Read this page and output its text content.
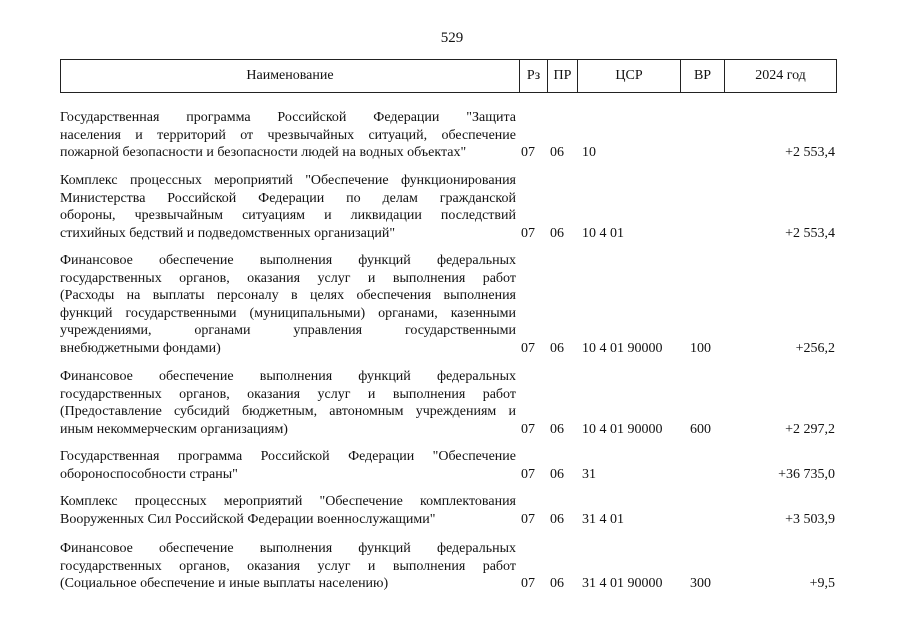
529
Наименование	Рз ПР	ЦСР	ВР	2024 год
Государственная программа Российской Федерации "Защита
населения и территорий от чрезвычайных ситуаций, обеспечение
пожарной безопасности и безопасности людей на водных объектах"	07 06 10	+2 553,4
Комплекс процессных мероприятий "Обеспечение функционирования
Министерства Российской Федерации по делам гражданской
обороны, чрезвычайным ситуациям и ликвидации последствий
стихийных бедствий и подведомственных организаций"	07 06 10 4 01	+2 553,4
Финансовое обеспечение выполнения функций федеральных
государственных органов, оказания услуг и выполнения работ
(Расходы на выплаты персоналу в целях обеспечения выполнения
функций государственными (муниципальными) органами, казенными
учреждениями, органами управления государственными
внебюджетными фондами)	07 06 10 4 01 90000 100	+256,2
Финансовое обеспечение выполнения функций федеральных
государственных органов, оказания услуг и выполнения работ
(Предоставление субсидий бюджетным, автономным учреждениям и
иным некоммерческим организациям)	07 06 10 4 01 90000 600	+2 297,2
Государственная программа Российской Федерации "Обеспечение
обороноспособности страны"	07 06 31	+36 735,0
Комплекс процессных мероприятий "Обеспечение комплектования
Вооруженных Сил Российской Федерации военнослужащими"	07 06 31 4 01	+3 503,9
Финансовое обеспечение выполнения функций федеральных
государственных органов, оказания услуг и выполнения работ
(Социальное обеспечение и иные выплаты населению)	07 06 31 4 01 90000 300	+9,5
